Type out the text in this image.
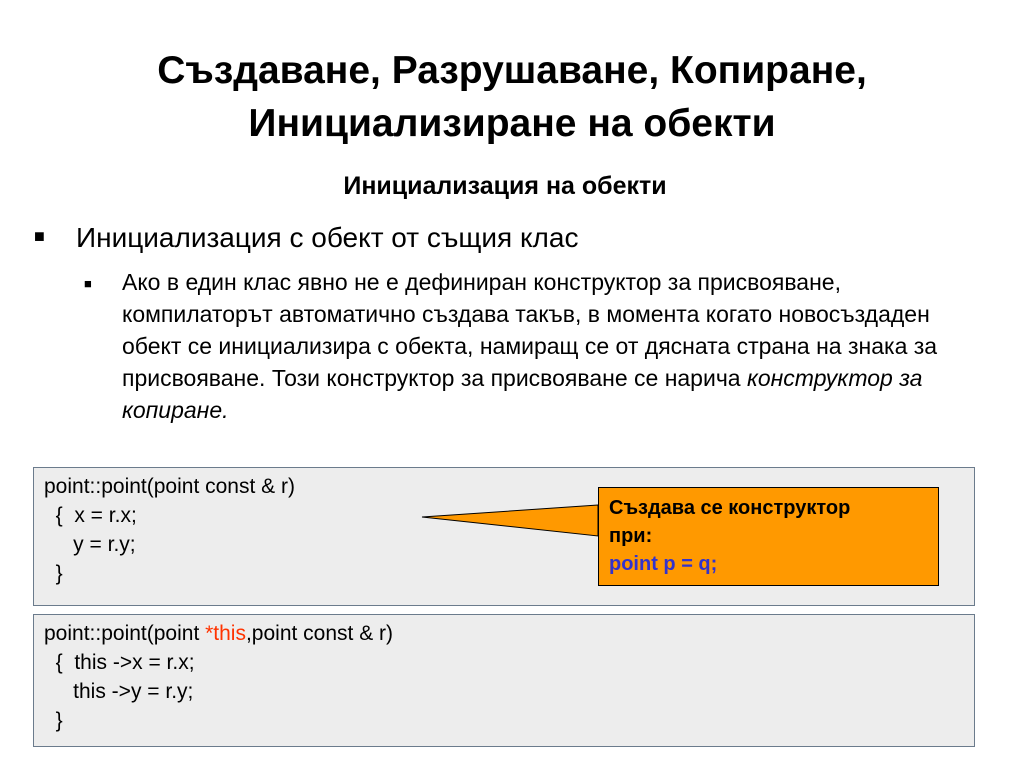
Създаване, Разрушаване, Копиране,
Инициализиране на обекти
Инициализация на обекти
■	Инициализация с обект от същия клас
■	Ако в един клас явно не е дефиниран конструктор за присвояване, компилаторът автоматично създава такъв, в момента когато новосъздаден обект се инициализира с обекта, намиращ се от дясната страна на знака за присвояване. Този конструктор за присвояване се нарича конструктор за копиране.
point::point(point const & r)
{  x = r.x;
y = r.y;
}
Създава се конструктор
при:
point p = q;
point::point(point *this,point const & r)
{  this ->x = r.x;
this ->y = r.y;
}
